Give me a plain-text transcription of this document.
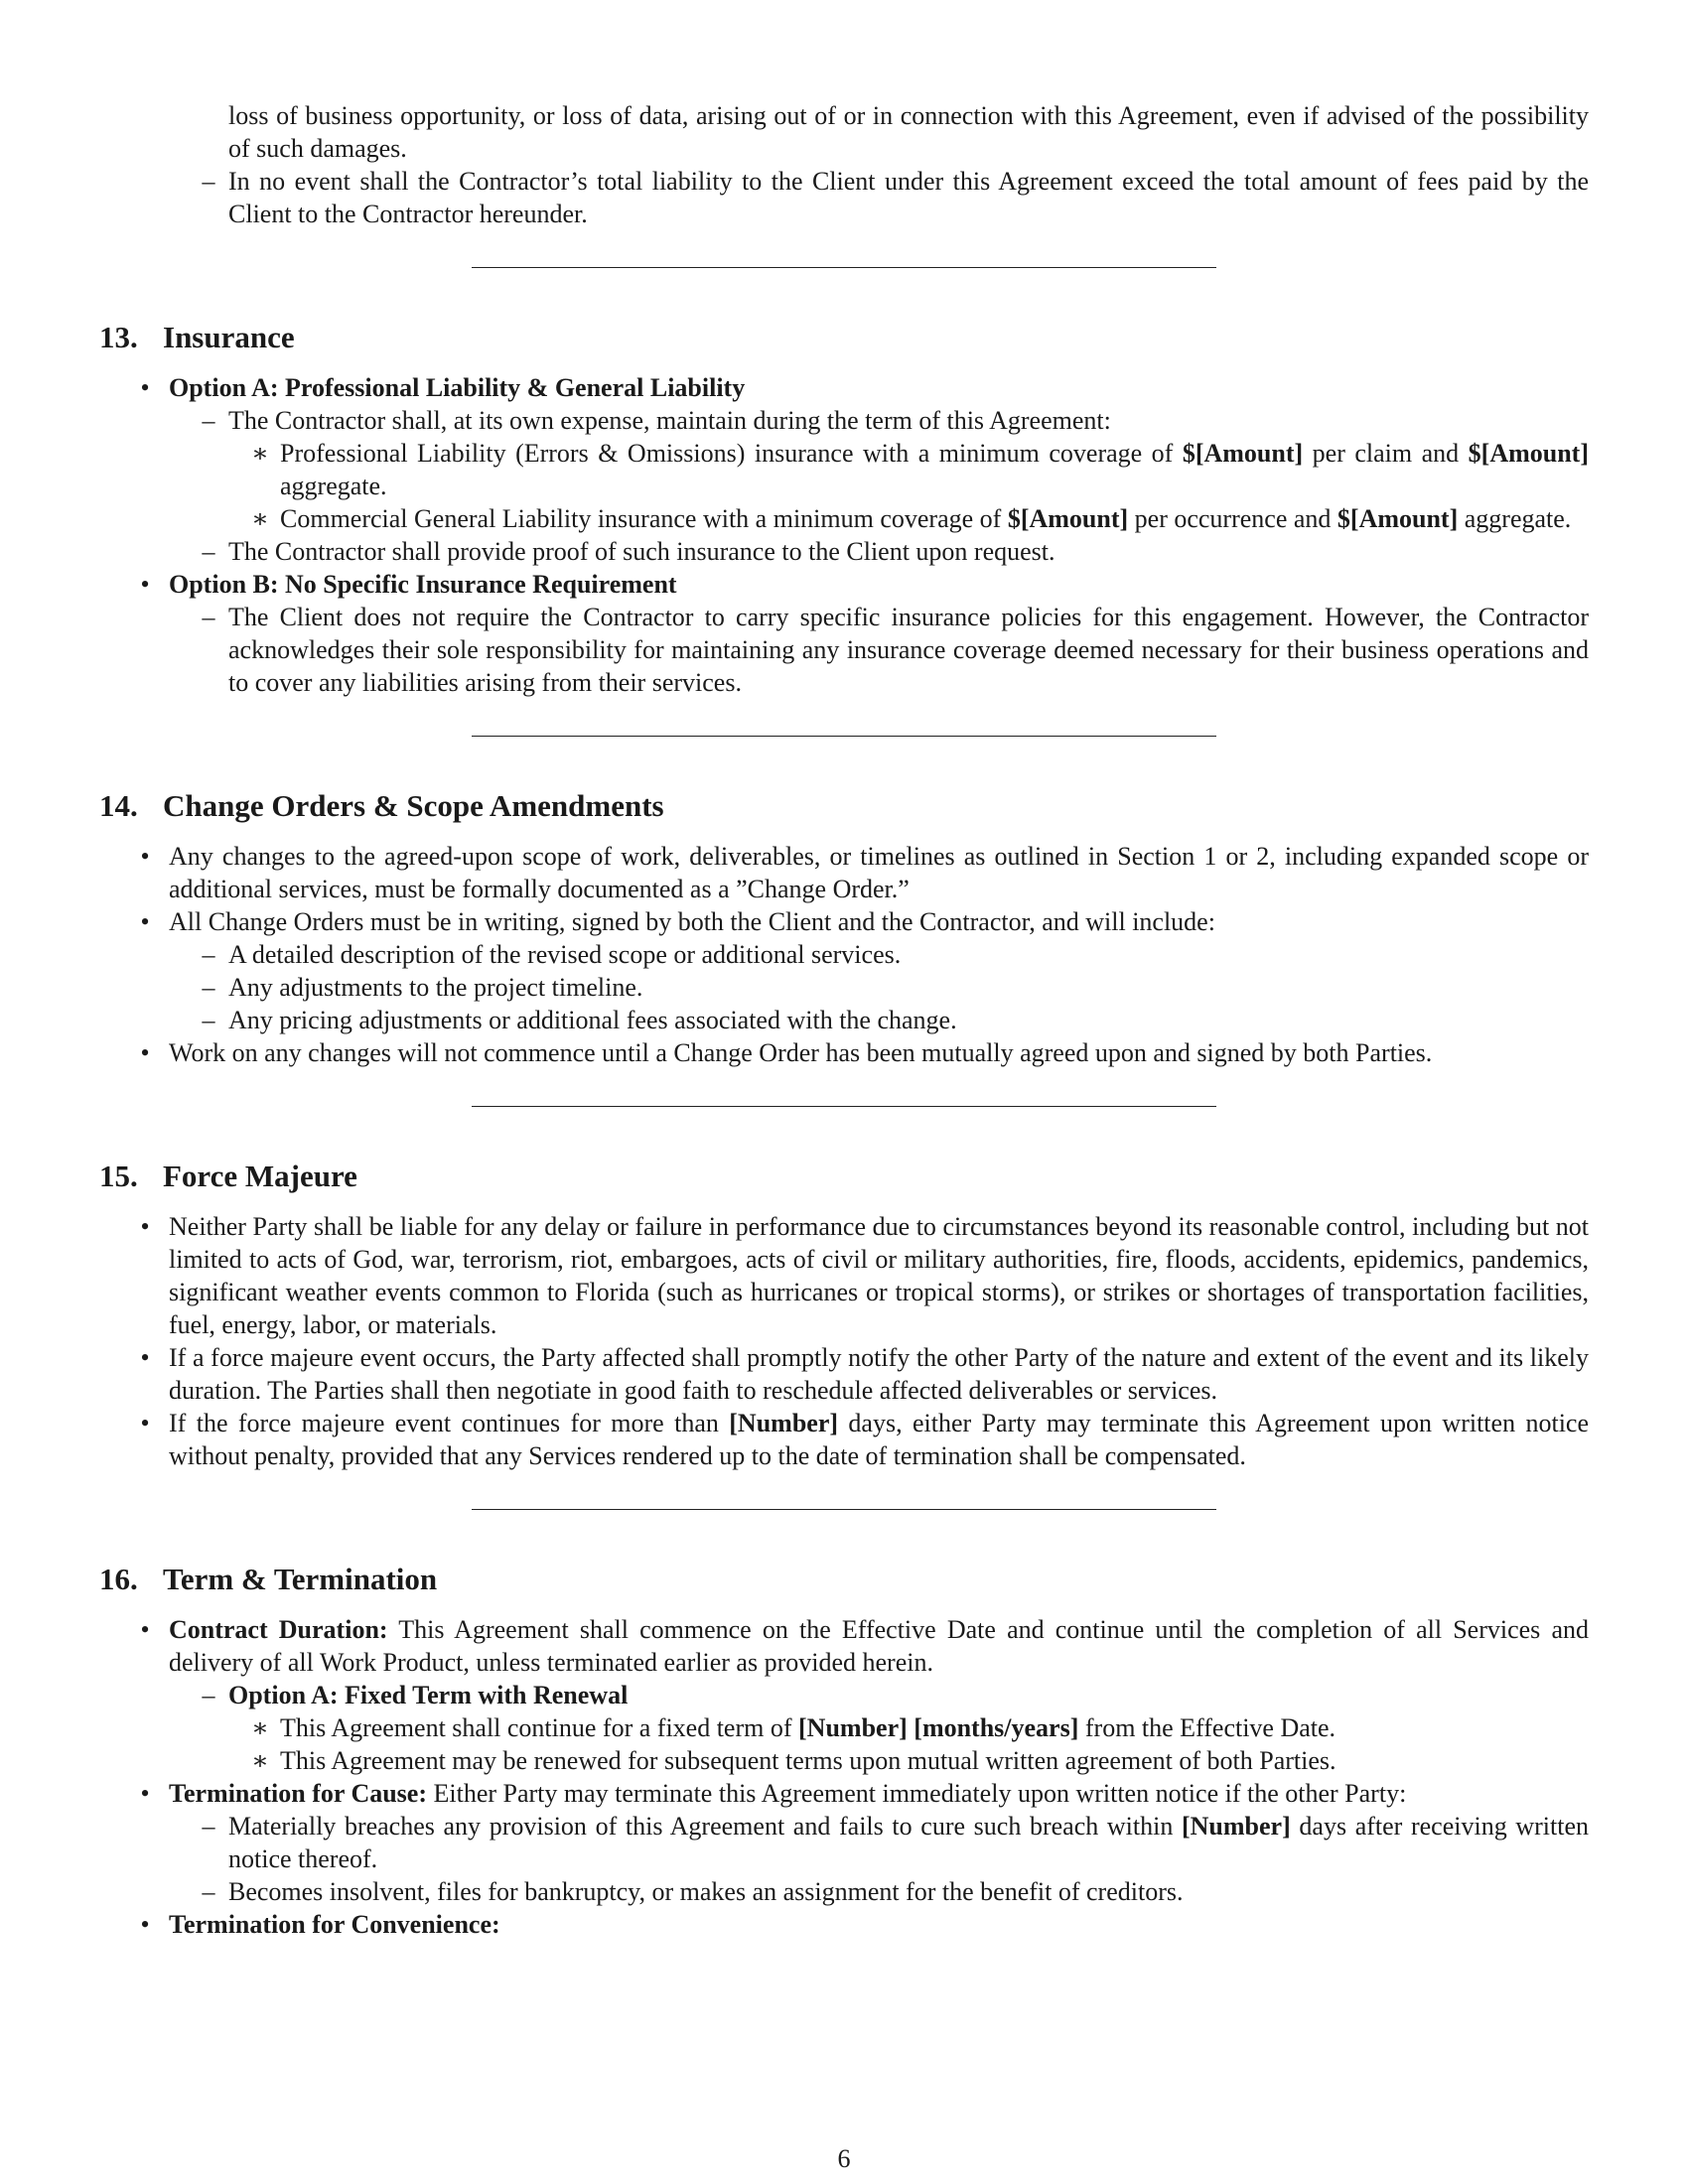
loss of business opportunity, or loss of data, arising out of or in connection with this Agreement, even if advised of the possibility of such damages.

– In no event shall the Contractor’s total liability to the Client under this Agreement exceed the total amount of fees paid by the Client to the Contractor hereunder.

13. Insurance

• Option A: Professional Liability & General Liability

– The Contractor shall, at its own expense, maintain during the term of this Agreement:

∗ Professional Liability (Errors & Omissions) insurance with a minimum coverage of $[Amount] per claim and $[Amount] aggregate.

∗ Commercial General Liability insurance with a minimum coverage of $[Amount] per occurrence and $[Amount] aggregate.

– The Contractor shall provide proof of such insurance to the Client upon request.

• Option B: No Specific Insurance Requirement

– The Client does not require the Contractor to carry specific insurance policies for this engagement. However, the Contractor acknowledges their sole responsibility for maintaining any insurance coverage deemed necessary for their business operations and to cover any liabilities arising from their services.

14. Change Orders & Scope Amendments

• Any changes to the agreed-upon scope of work, deliverables, or timelines as outlined in Section 1 or 2, including expanded scope or additional services, must be formally documented as a ”Change Order.”

• All Change Orders must be in writing, signed by both the Client and the Contractor, and will include:

– A detailed description of the revised scope or additional services.

– Any adjustments to the project timeline.

– Any pricing adjustments or additional fees associated with the change.

• Work on any changes will not commence until a Change Order has been mutually agreed upon and signed by both Parties.

15. Force Majeure

• Neither Party shall be liable for any delay or failure in performance due to circumstances beyond its reasonable control, including but not limited to acts of God, war, terrorism, riot, embargoes, acts of civil or military authorities, fire, floods, accidents, epidemics, pandemics, significant weather events common to Florida (such as hurricanes or tropical storms), or strikes or shortages of transportation facilities, fuel, energy, labor, or materials.

• If a force majeure event occurs, the Party affected shall promptly notify the other Party of the nature and extent of the event and its likely duration. The Parties shall then negotiate in good faith to reschedule affected deliverables or services.

• If the force majeure event continues for more than [Number] days, either Party may terminate this Agreement upon written notice without penalty, provided that any Services rendered up to the date of termination shall be compensated.

16. Term & Termination

• Contract Duration: This Agreement shall commence on the Effective Date and continue until the completion of all Services and delivery of all Work Product, unless terminated earlier as provided herein.

– Option A: Fixed Term with Renewal

∗ This Agreement shall continue for a fixed term of [Number] [months/years] from the Effective Date.

∗ This Agreement may be renewed for subsequent terms upon mutual written agreement of both Parties.

• Termination for Cause: Either Party may terminate this Agreement immediately upon written notice if the other Party:

– Materially breaches any provision of this Agreement and fails to cure such breach within [Number] days after receiving written notice thereof.

– Becomes insolvent, files for bankruptcy, or makes an assignment for the benefit of creditors.

• Termination for Convenience:

6
